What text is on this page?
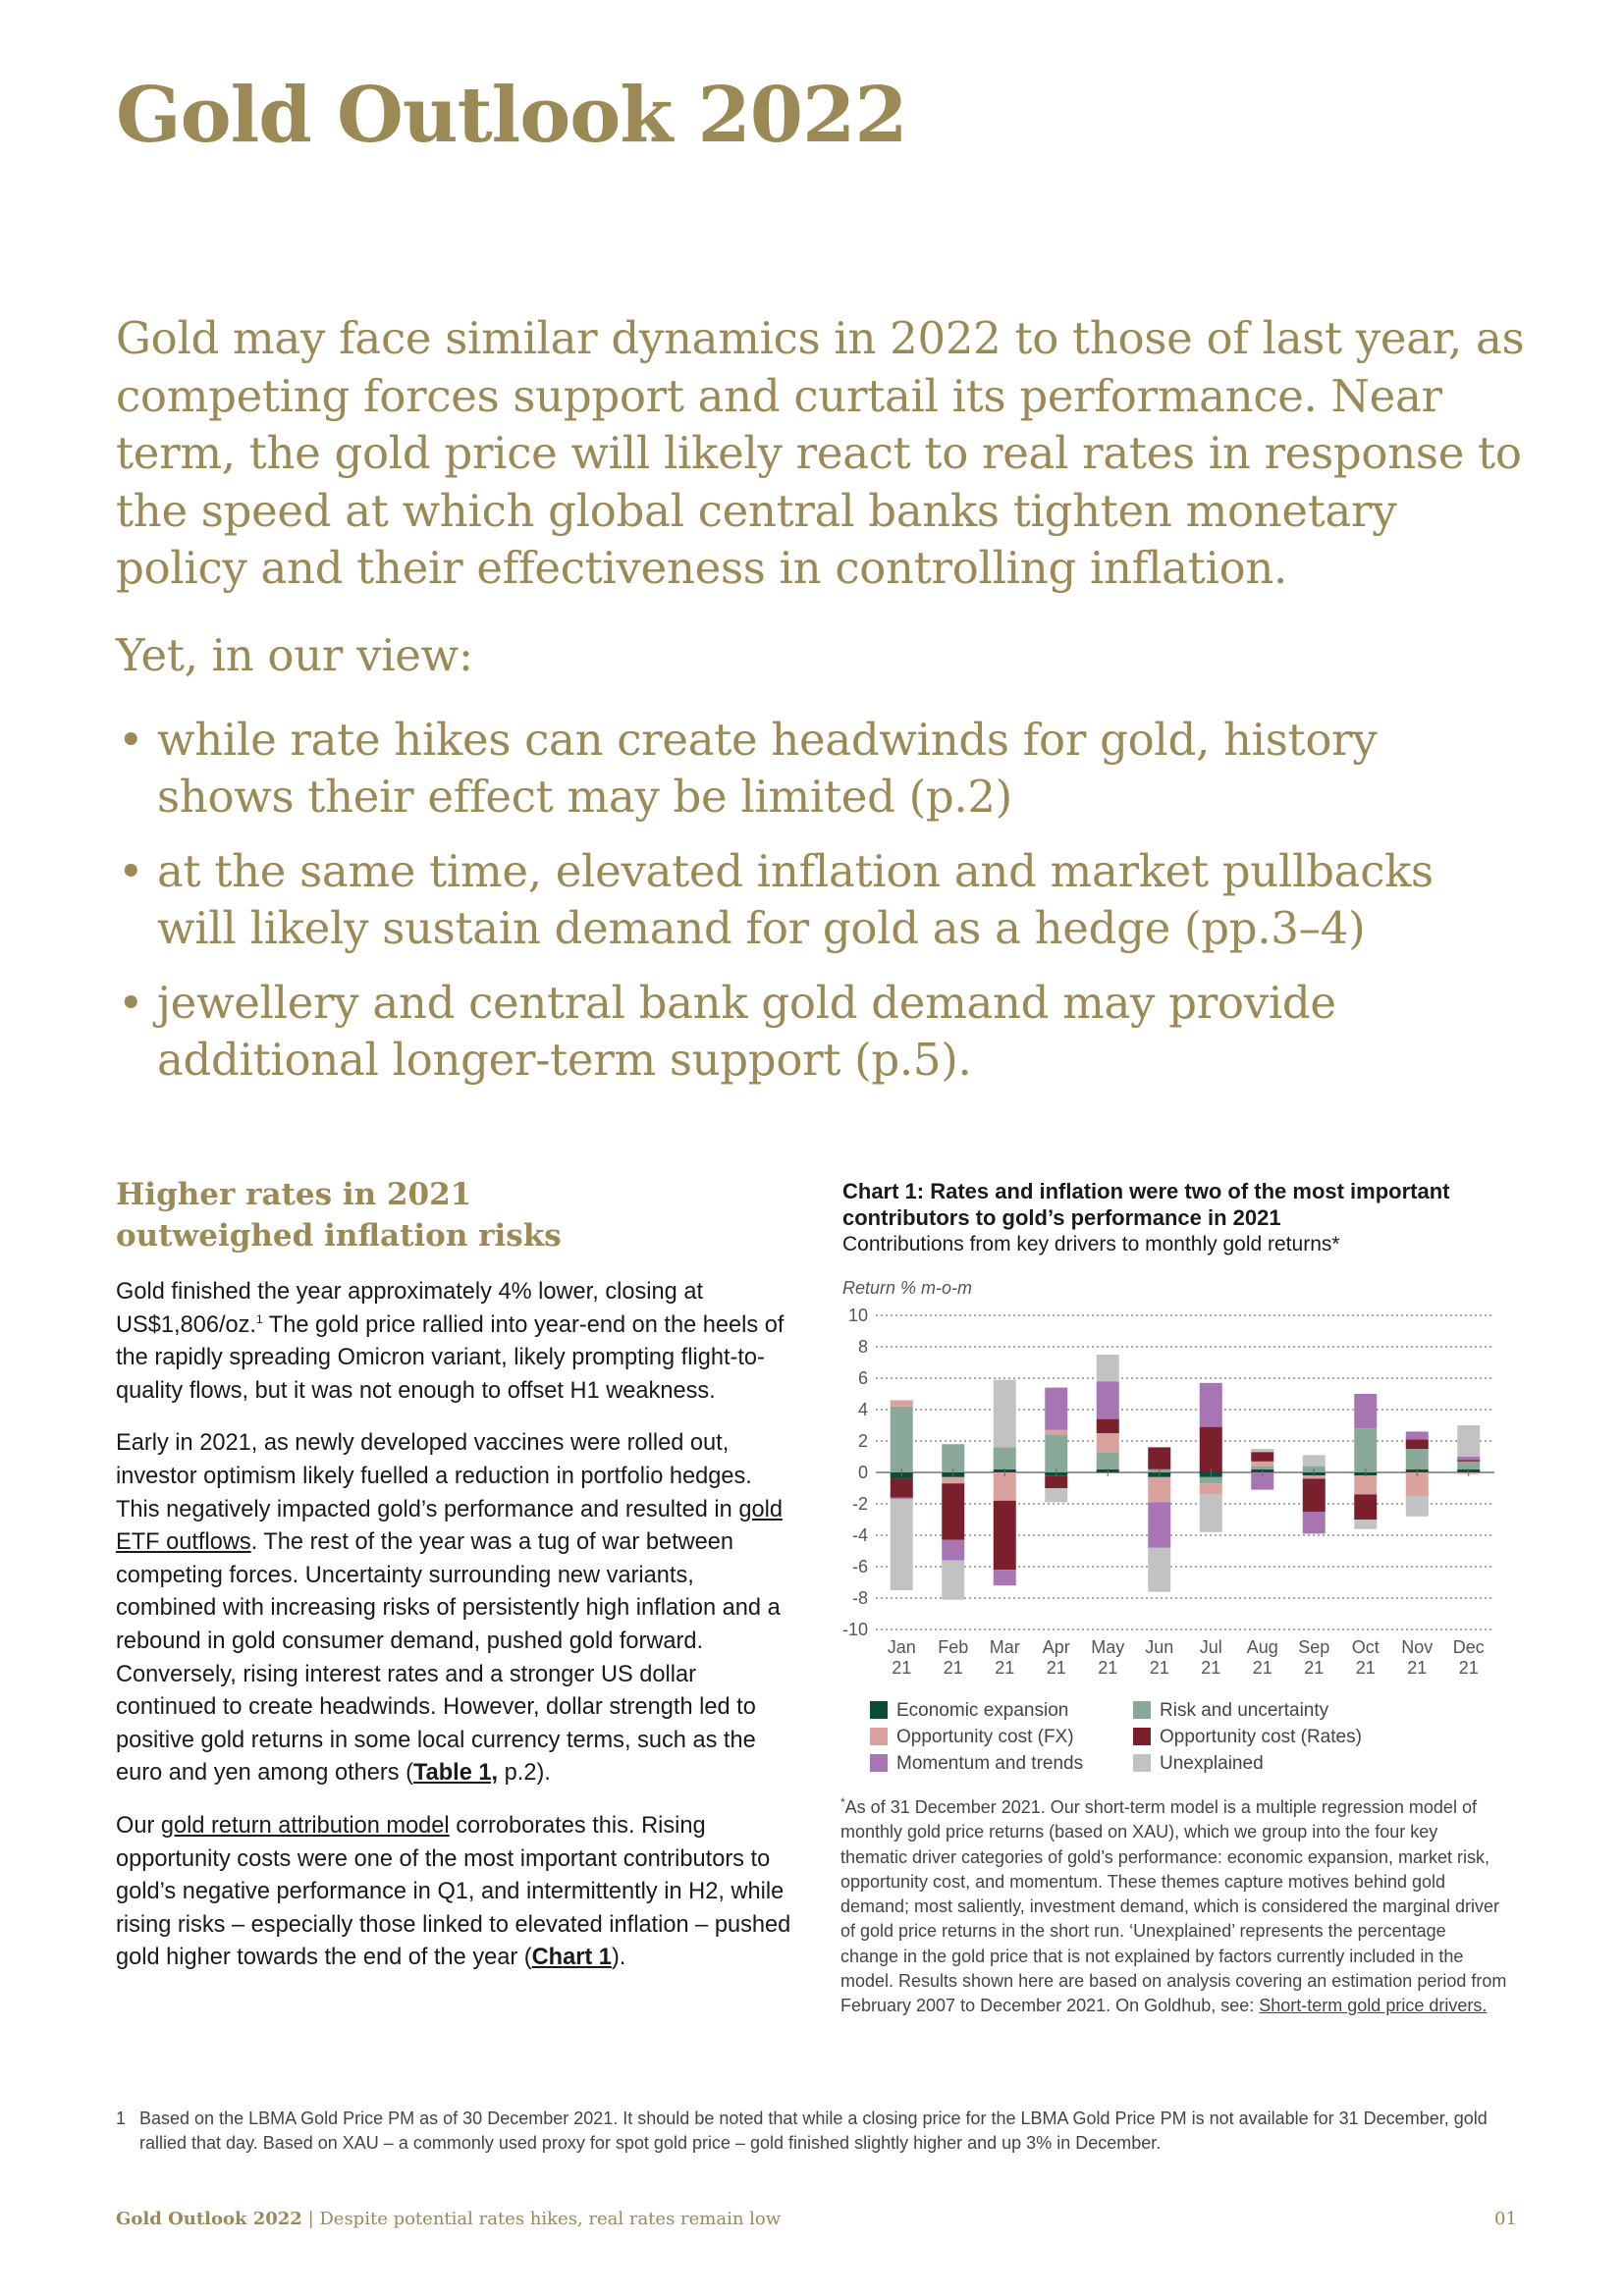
Gold Outlook 2022

Gold may face similar dynamics in 2022 to those of last year, as competing forces support and curtail its performance. Near term, the gold price will likely react to real rates in response to the speed at which global central banks tighten monetary policy and their effectiveness in controlling inflation.

Yet, in our view:

• while rate hikes can create headwinds for gold, history shows their effect may be limited (p.2)
• at the same time, elevated inflation and market pullbacks will likely sustain demand for gold as a hedge (pp.3–4)
• jewellery and central bank gold demand may provide additional longer-term support (p.5).
Higher rates in 2021 outweighed inflation risks

Gold finished the year approximately 4% lower, closing at US$1,806/oz.$^1$ The gold price rallied into year-end on the heels of the rapidly spreading Omicron variant, likely prompting flight-to-quality flows, but it was not enough to offset H1 weakness.

Early in 2021, as newly developed vaccines were rolled out, investor optimism likely fuelled a reduction in portfolio hedges. This negatively impacted gold’s performance and resulted in gold ETF outflows. The rest of the year was a tug of war between competing forces. Uncertainty surrounding new variants, combined with increasing risks of persistently high inflation and a rebound in gold consumer demand, pushed gold forward. Conversely, rising interest rates and a stronger US dollar continued to create headwinds. However, dollar strength led to positive gold returns in some local currency terms, such as the euro and yen among others (Table 1, p.2).

Our gold return attribution model corroborates this. Rising opportunity costs were one of the most important contributors to gold’s negative performance in Q1, and intermittently in H2, while rising risks – especially those linked to elevated inflation – pushed gold higher towards the end of the year (Chart 1).

Chart 1: Rates and inflation were two of the most important contributors to gold’s performance in 2021

Contributions from key drivers to monthly gold returns*

Return % m-o-m
10
8
6
4
2
0
-2
-4
-6
-8
-10
Jan
21
Feb
21
Mar
21
Apr
21
May
21
Jun
21
Jul
21
Aug
21
Sep
21
Oct
21
Nov
21
Dec
21
Economic expansion	Risk and uncertainty
Opportunity cost (FX)	Opportunity cost (Rates)
Momentum and trends	Unexplained

*As of 31 December 2021. Our short-term model is a multiple regression model of monthly gold price returns (based on XAU), which we group into the four key thematic driver categories of gold’s performance: economic expansion, market risk, opportunity cost, and momentum. These themes capture motives behind gold demand; most saliently, investment demand, which is considered the marginal driver of gold price returns in the short run. ‘Unexplained’ represents the percentage change in the gold price that is not explained by factors currently included in the model. Results shown here are based on analysis covering an estimation period from February 2007 to December 2021. On Goldhub, see: Short-term gold price drivers.

1 Based on the LBMA Gold Price PM as of 30 December 2021. It should be noted that while a closing price for the LBMA Gold Price PM is not available for 31 December, gold rallied that day. Based on XAU – a commonly used proxy for spot gold price – gold finished slightly higher and up 3% in December.
Gold Outlook 2022 | Despite potential rates hikes, real rates remain low	01
